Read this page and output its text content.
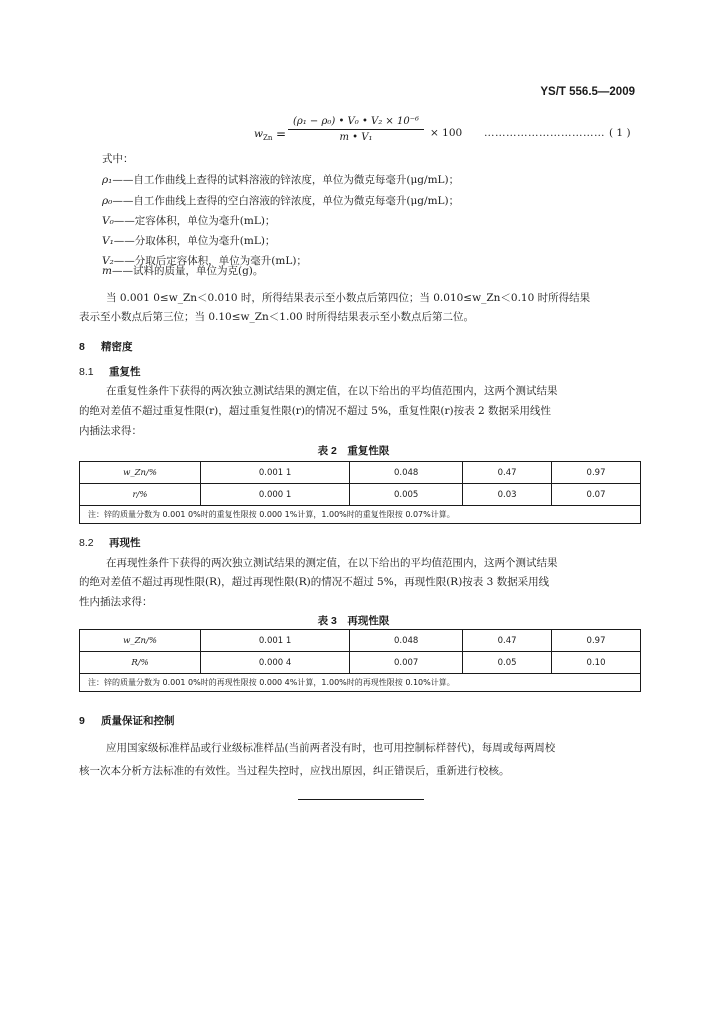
YS/T 556.5—2009
$w_{Zn}$ =
(ρ₁ − ρ₀) • V₀ • V₂ × 10⁻⁶
m • V₁	× 100 …………………………… ( 1 )
式中：
ρ₁——自工作曲线上查得的试料溶液的锌浓度，单位为微克每毫升(μg/mL)；
ρ₀——自工作曲线上查得的空白溶液的锌浓度，单位为微克每毫升(μg/mL)；
V₀——定容体积，单位为毫升(mL)；
V₁——分取体积，单位为毫升(mL)；
V₂——分取后定容体积，单位为毫升(mL)；
m——试料的质量，单位为克(g)。
当 0.001 0≤w_Zn＜0.010 时，所得结果表示至小数点后第四位；当 0.010≤w_Zn＜0.10 时所得结果
表示至小数点后第三位；当 0.10≤w_Zn＜1.00 时所得结果表示至小数点后第二位。
8 精密度
8.1 重复性
在重复性条件下获得的两次独立测试结果的测定值，在以下给出的平均值范围内，这两个测试结果
的绝对差值不超过重复性限(r)，超过重复性限(r)的情况不超过 5%，重复性限(r)按表 2 数据采用线性
内插法求得：
表 2　重复性限
w_Zn/%	0.001 1	0.048	0.47	0.97
r/%	0.000 1	0.005	0.03	0.07
注：锌的质量分数为 0.001 0%时的重复性限按 0.000 1%计算，1.00%时的重复性限按 0.07%计算。				
8.2 再现性
在再现性条件下获得的两次独立测试结果的测定值，在以下给出的平均值范围内，这两个测试结果
的绝对差值不超过再现性限(R)，超过再现性限(R)的情况不超过 5%，再现性限(R)按表 3 数据采用线
性内插法求得：
表 3　再现性限
w_Zn/%	0.001 1	0.048	0.47	0.97
R/%	0.000 4	0.007	0.05	0.10
注：锌的质量分数为 0.001 0%时的再现性限按 0.000 4%计算，1.00%时的再现性限按 0.10%计算。				
9 质量保证和控制
应用国家级标准样品或行业级标准样品(当前两者没有时，也可用控制标样替代)，每周或每两周校
核一次本分析方法标准的有效性。当过程失控时，应找出原因，纠正错误后，重新进行校核。
